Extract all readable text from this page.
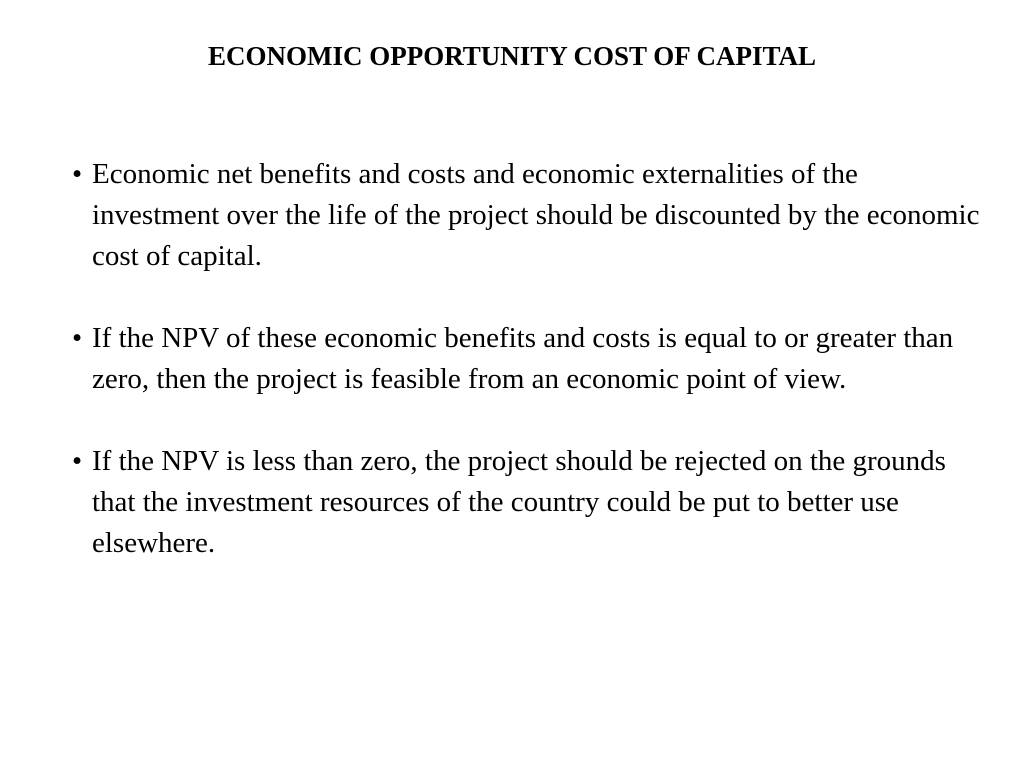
ECONOMIC OPPORTUNITY COST OF CAPITAL
• Economic net benefits and costs and economic externalities of the investment over the life of the project should be discounted by the economic cost of capital.
• If the NPV of these economic benefits and costs is equal to or greater than zero, then the project is feasible from an economic point of view.
• If the NPV is less than zero, the project should be rejected on the grounds that the investment resources of the country could be put to better use elsewhere.
